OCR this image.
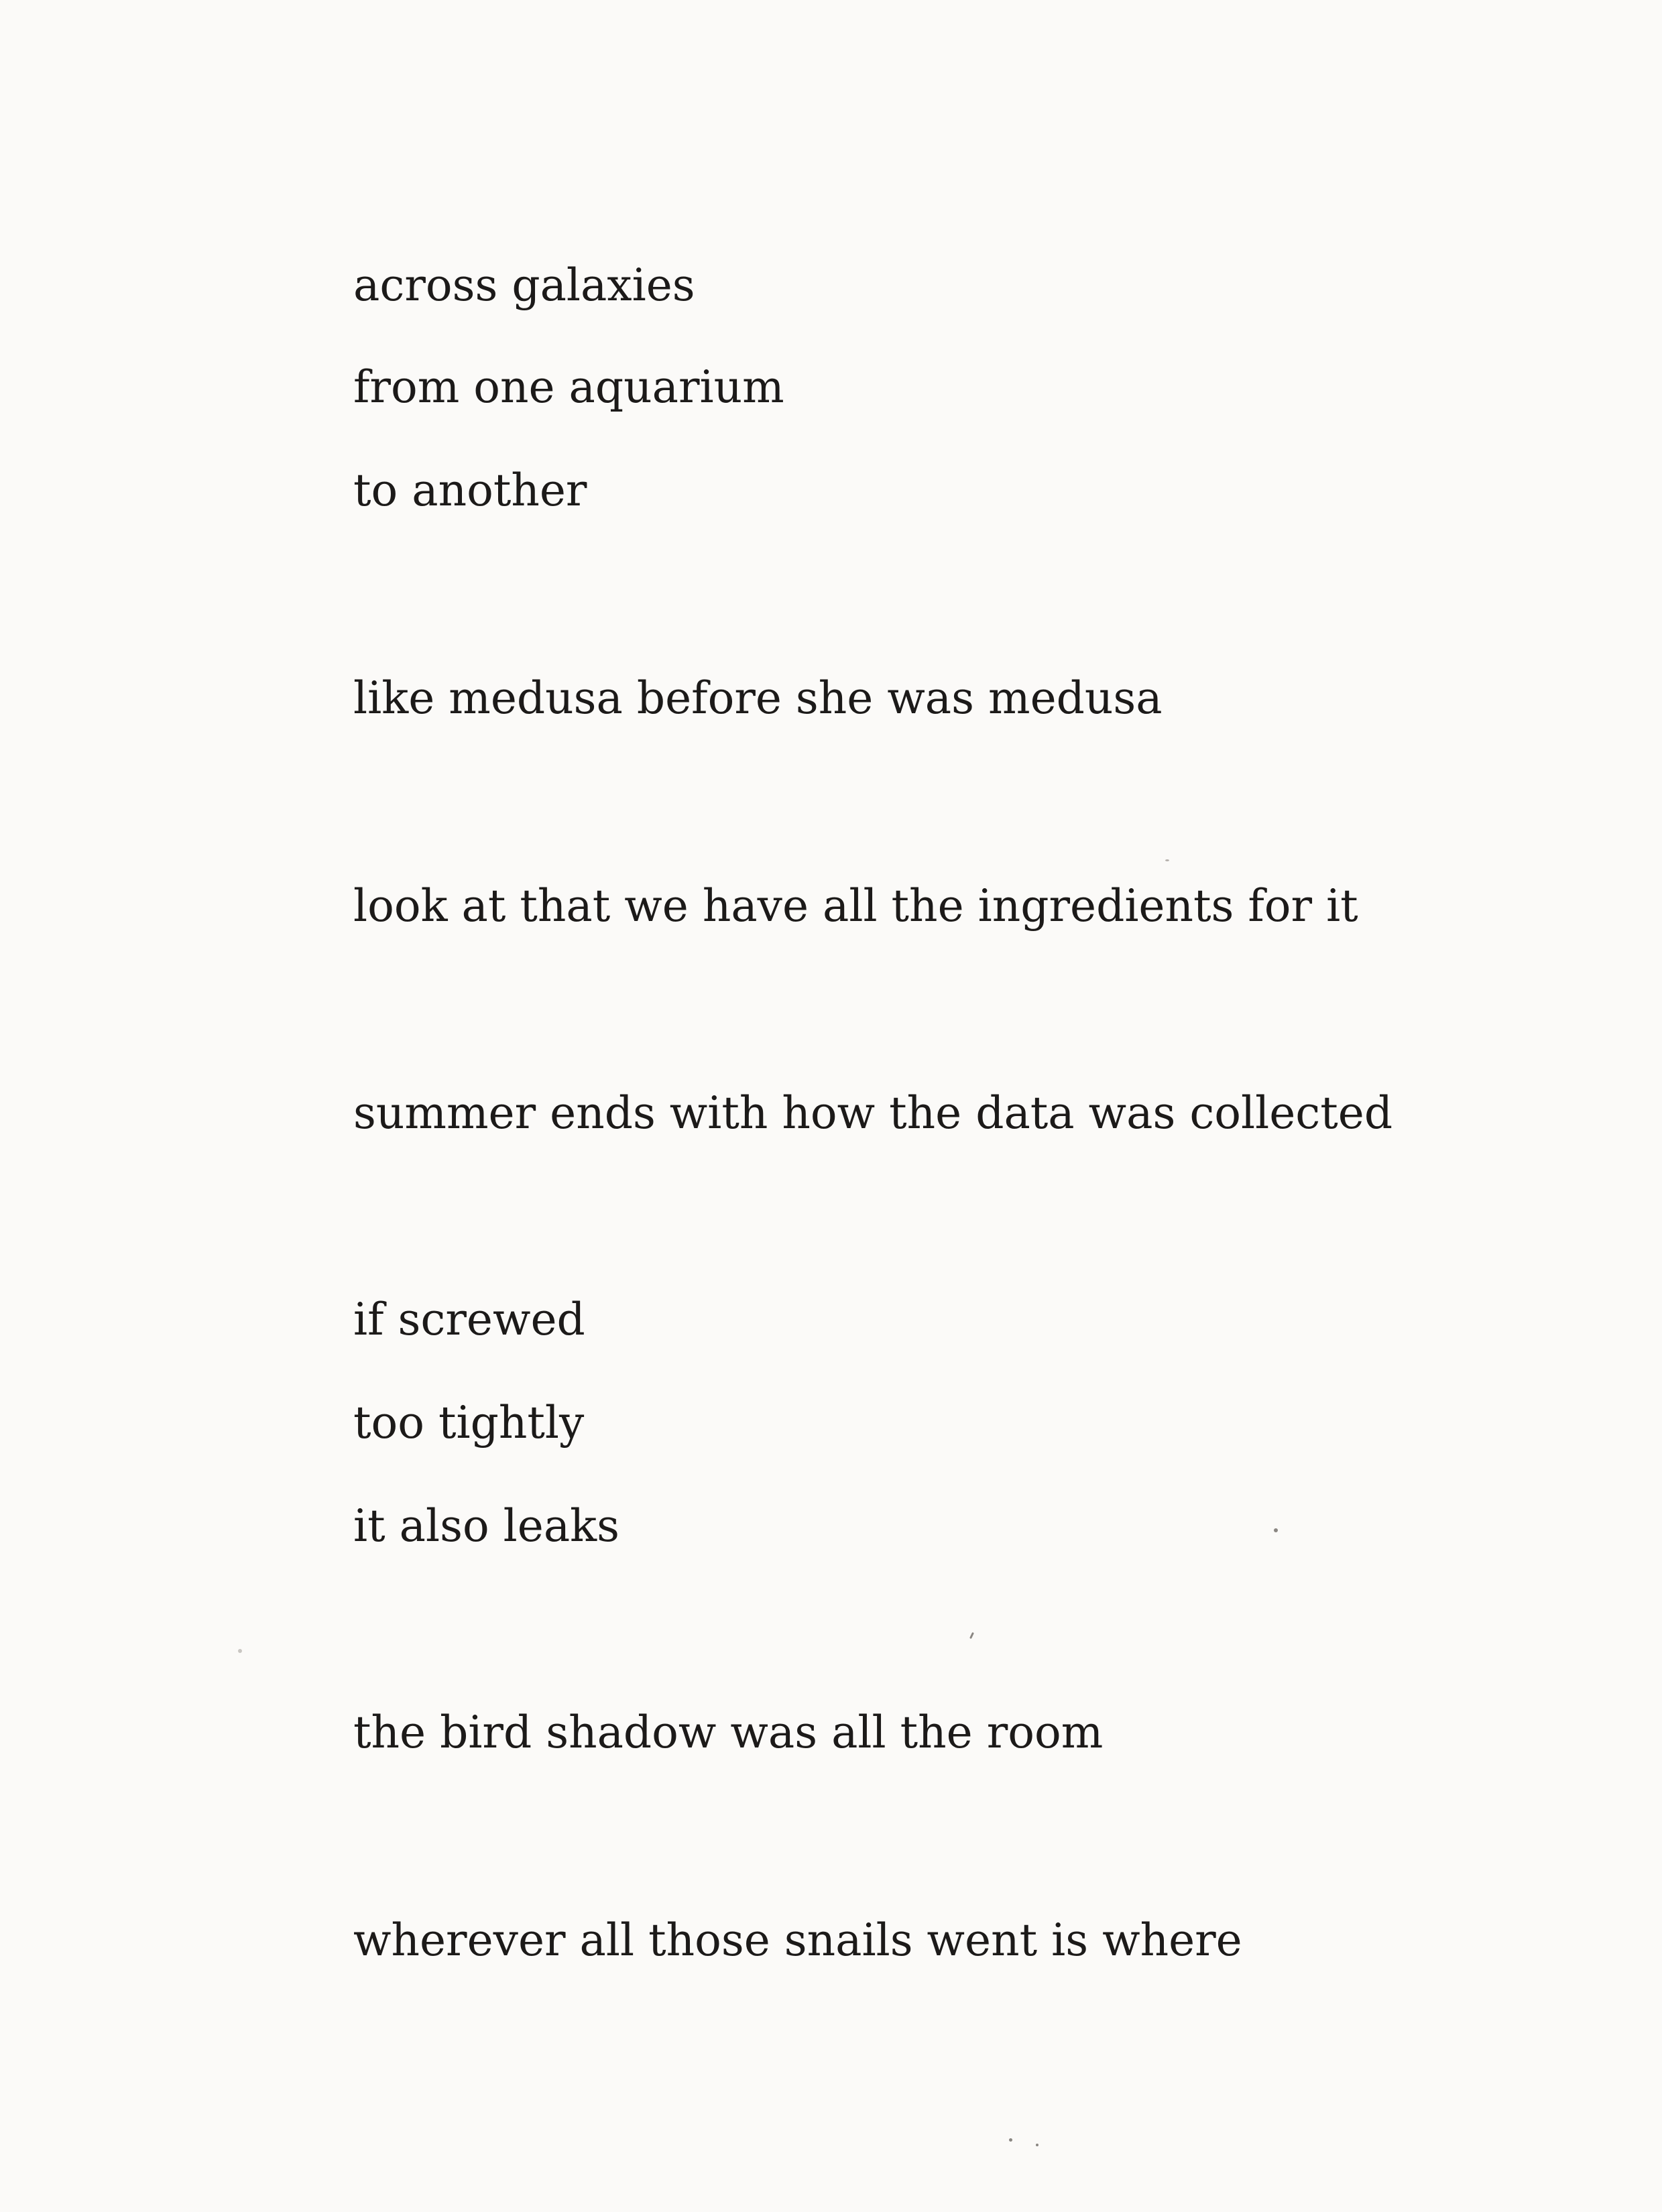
across galaxies
from one aquarium
to another
like medusa before she was medusa
look at that we have all the ingredients for it
summer ends with how the data was collected
if screwed
too tightly
it also leaks
the bird shadow was all the room
wherever all those snails went is where
